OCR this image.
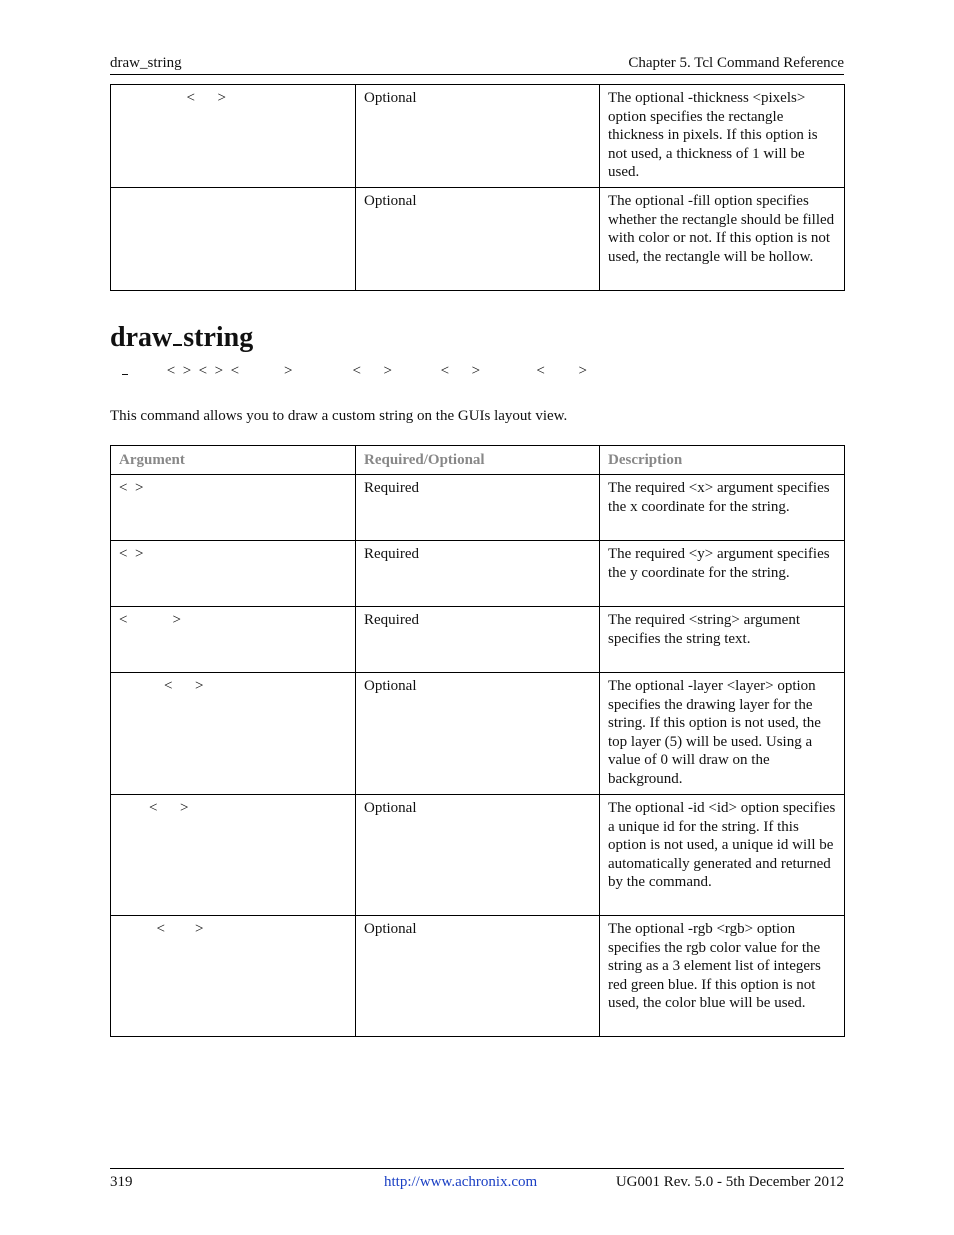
draw_string	Chapter 5. Tcl Command Reference
<      >	Optional	The optional -thickness <pixels> option specifies the rectangle thickness in pixels. If this option is not used, a thickness of 1 will be used.
	Optional	The optional -fill option specifies whether the rectangle should be filled with color or not. If this option is not used, the rectangle will be hollow.
draw string
<  >  <  >  <            >                <      >             <      >               <         >

This command allows you to draw a custom string on the GUIs layout view.

Argument	Required/Optional	Description
<  >	Required	The required <x> argument specifies the x coordinate for the string.
<  >	Required	The required <y> argument specifies the y coordinate for the string.
<            >	Required	The required <string> argument specifies the string text.
<      >	Optional	The optional -layer <layer> option specifies the drawing layer for the string. If this option is not used, the top layer (5) will be used. Using a value of 0 will draw on the background.
<      >	Optional	The optional -id <id> option specifies a unique id for the string. If this option is not used, a unique id will be automatically generated and returned by the command.
<        >	Optional	The optional -rgb <rgb> option specifies the rgb color value for the string as a 3 element list of integers red green blue. If this option is not used, the color blue will be used.
319	http://www.achronix.com	UG001 Rev. 5.0 - 5th December 2012
